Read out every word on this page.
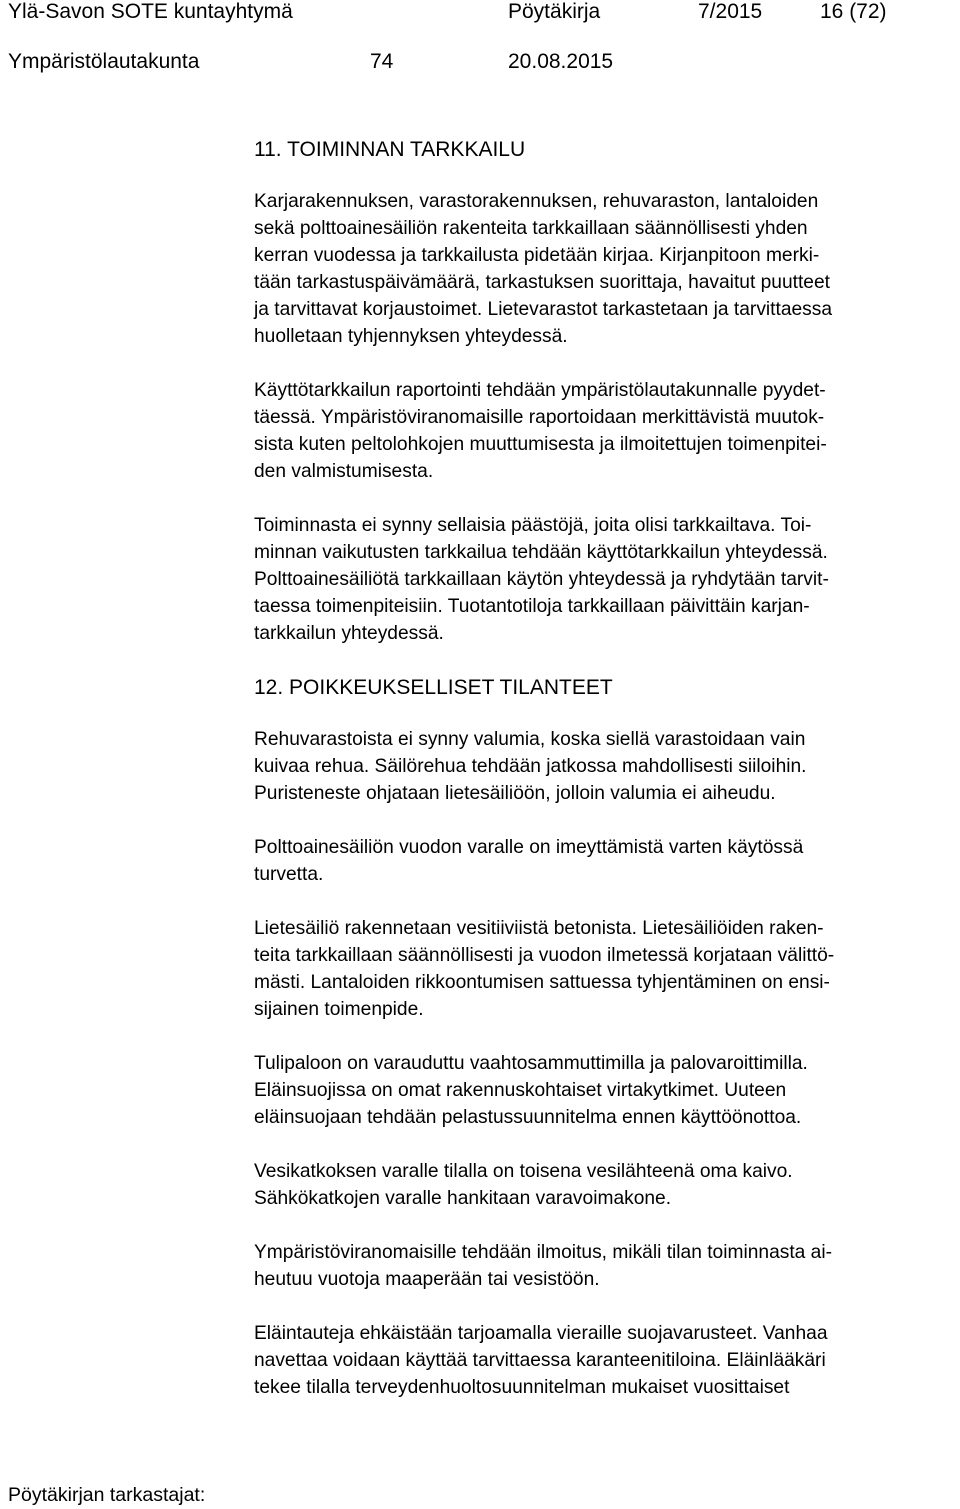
Ylä-Savon SOTE kuntayhtymä	Pöytäkirja	7/2015	16 (72)
Ympäristölautakunta	74	20.08.2015
11. TOIMINNAN TARKKAILU
Karjarakennuksen, varastorakennuksen, rehuvaraston, lantaloiden
sekä polttoainesäiliön rakenteita tarkkaillaan säännöllisesti yhden
kerran vuodessa ja tarkkailusta pidetään kirjaa. Kirjanpitoon merki-
tään tarkastuspäivämäärä, tarkastuksen suorittaja, havaitut puutteet
ja tarvittavat korjaustoimet. Lietevarastot tarkastetaan ja tarvittaessa
huolletaan tyhjennyksen yhteydessä.
Käyttötarkkailun raportointi tehdään ympäristölautakunnalle pyydet-
täessä. Ympäristöviranomaisille raportoidaan merkittävistä muutok-
sista kuten peltolohkojen muuttumisesta ja ilmoitettujen toimenpitei-
den valmistumisesta.
Toiminnasta ei synny sellaisia päästöjä, joita olisi tarkkailtava. Toi-
minnan vaikutusten tarkkailua tehdään käyttötarkkailun yhteydessä.
Polttoainesäiliötä tarkkaillaan käytön yhteydessä ja ryhdytään tarvit-
taessa toimenpiteisiin. Tuotantotiloja tarkkaillaan päivittäin karjan-
tarkkailun yhteydessä.
12. POIKKEUKSELLISET TILANTEET
Rehuvarastoista ei synny valumia, koska siellä varastoidaan vain
kuivaa rehua. Säilörehua tehdään jatkossa mahdollisesti siiloihin.
Puristeneste ohjataan lietesäiliöön, jolloin valumia ei aiheudu.
Polttoainesäiliön vuodon varalle on imeyttämistä varten käytössä
turvetta.
Lietesäiliö rakennetaan vesitiiviistä betonista. Lietesäiliöiden raken-
teita tarkkaillaan säännöllisesti ja vuodon ilmetessä korjataan välittö-
mästi. Lantaloiden rikkoontumisen sattuessa tyhjentäminen on ensi-
sijainen toimenpide.
Tulipaloon on varauduttu vaahtosammuttimilla ja palovaroittimilla.
Eläinsuojissa on omat rakennuskohtaiset virtakytkimet. Uuteen
eläinsuojaan tehdään pelastussuunnitelma ennen käyttöönottoa.
Vesikatkoksen varalle tilalla on toisena vesilähteenä oma kaivo.
Sähkökatkojen varalle hankitaan varavoimakone.
Ympäristöviranomaisille tehdään ilmoitus, mikäli tilan toiminnasta ai-
heutuu vuotoja maaperään tai vesistöön.
Eläintauteja ehkäistään tarjoamalla vieraille suojavarusteet. Vanhaa
navettaa voidaan käyttää tarvittaessa karanteenitiloina. Eläinlääkäri
tekee tilalla terveydenhuoltosuunnitelman mukaiset vuosittaiset
Pöytäkirjan tarkastajat:
